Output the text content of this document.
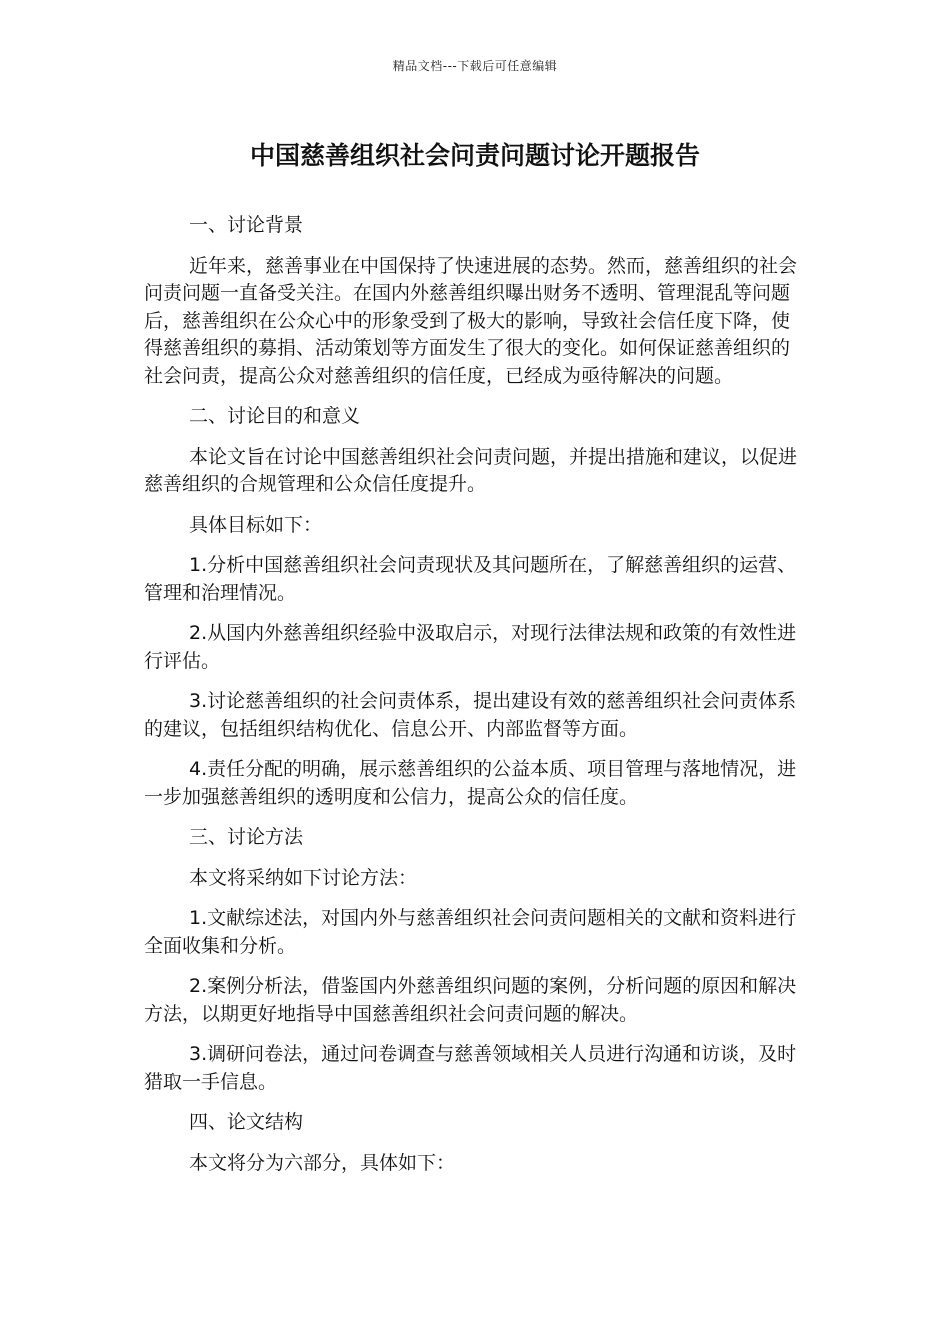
精品文档---下载后可任意编辑
中国慈善组织社会问责问题讨论开题报告

一、讨论背景

近年来，慈善事业在中国保持了快速进展的态势。然而，慈善组织的社会问责问题一直备受关注。在国内外慈善组织曝出财务不透明、管理混乱等问题后，慈善组织在公众心中的形象受到了极大的影响，导致社会信任度下降，使得慈善组织的募捐、活动策划等方面发生了很大的变化。如何保证慈善组织的社会问责，提高公众对慈善组织的信任度，已经成为亟待解决的问题。

二、讨论目的和意义

本论文旨在讨论中国慈善组织社会问责问题，并提出措施和建议，以促进慈善组织的合规管理和公众信任度提升。

具体目标如下：

1.分析中国慈善组织社会问责现状及其问题所在，了解慈善组织的运营、管理和治理情况。

2.从国内外慈善组织经验中汲取启示，对现行法律法规和政策的有效性进行评估。

3.讨论慈善组织的社会问责体系，提出建设有效的慈善组织社会问责体系的建议，包括组织结构优化、信息公开、内部监督等方面。

4.责任分配的明确，展示慈善组织的公益本质、项目管理与落地情况，进一步加强慈善组织的透明度和公信力，提高公众的信任度。

三、讨论方法

本文将采纳如下讨论方法：

1.文献综述法，对国内外与慈善组织社会问责问题相关的文献和资料进行全面收集和分析。

2.案例分析法，借鉴国内外慈善组织问题的案例，分析问题的原因和解决方法，以期更好地指导中国慈善组织社会问责问题的解决。

3.调研问卷法，通过问卷调查与慈善领域相关人员进行沟通和访谈，及时猎取一手信息。

四、论文结构

本文将分为六部分，具体如下：
